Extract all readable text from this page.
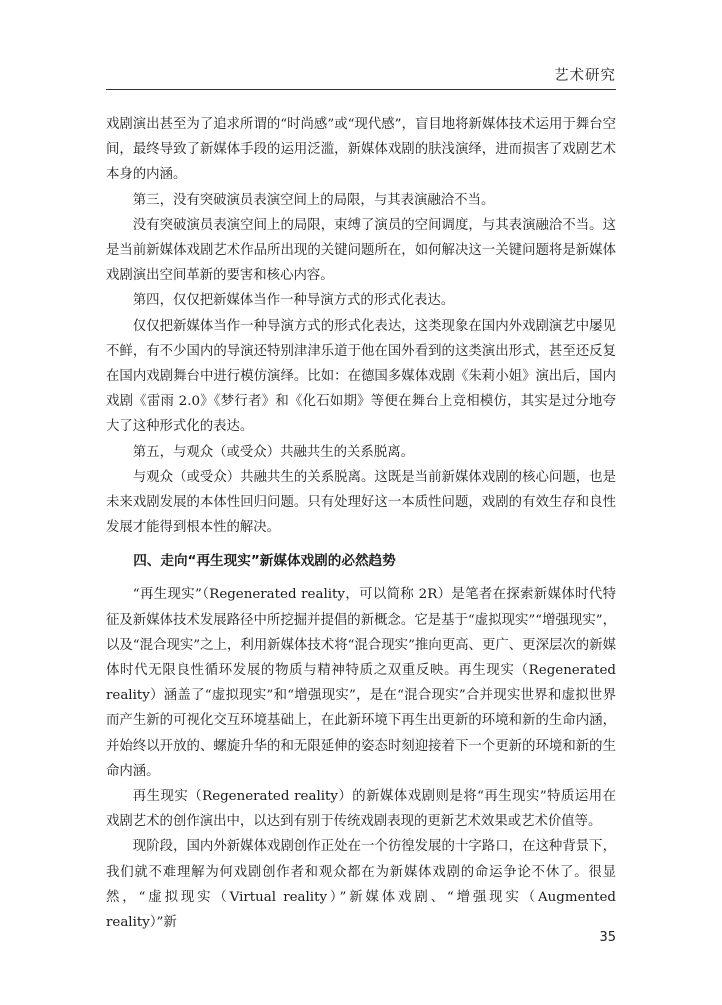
艺术研究

戏剧演出甚至为了追求所谓的“时尚感”或“现代感”，盲目地将新媒体技术运用于舞台空间，最终导致了新媒体手段的运用泛滥，新媒体戏剧的肤浅演绎，进而损害了戏剧艺术本身的内涵。

第三，没有突破演员表演空间上的局限，与其表演融洽不当。

没有突破演员表演空间上的局限，束缚了演员的空间调度，与其表演融洽不当。这是当前新媒体戏剧艺术作品所出现的关键问题所在，如何解决这一关键问题将是新媒体戏剧演出空间革新的要害和核心内容。

第四，仅仅把新媒体当作一种导演方式的形式化表达。

仅仅把新媒体当作一种导演方式的形式化表达，这类现象在国内外戏剧演艺中屡见不鲜，有不少国内的导演还特别津津乐道于他在国外看到的这类演出形式，甚至还反复在国内戏剧舞台中进行模仿演绎。比如：在德国多媒体戏剧《朱莉小姐》演出后，国内戏剧《雷雨 2.0》《梦行者》和《化石如期》等便在舞台上竞相模仿，其实是过分地夸大了这种形式化的表达。

第五，与观众（或受众）共融共生的关系脱离。

与观众（或受众）共融共生的关系脱离。这既是当前新媒体戏剧的核心问题，也是未来戏剧发展的本体性回归问题。只有处理好这一本质性问题，戏剧的有效生存和良性发展才能得到根本性的解决。

四、走向“再生现实”新媒体戏剧的必然趋势

“再生现实”（Regenerated reality，可以简称 2R）是笔者在探索新媒体时代特征及新媒体技术发展路径中所挖掘并提倡的新概念。它是基于“虚拟现实”“增强现实”，以及“混合现实”之上，利用新媒体技术将“混合现实”推向更高、更广、更深层次的新媒体时代无限良性循环发展的物质与精神特质之双重反映。再生现实（Regenerated reality）涵盖了“虚拟现实”和“增强现实”，是在“混合现实”合并现实世界和虚拟世界而产生新的可视化交互环境基础上，在此新环境下再生出更新的环境和新的生命内涵，并始终以开放的、螺旋升华的和无限延伸的姿态时刻迎接着下一个更新的环境和新的生命内涵。

再生现实（Regenerated reality）的新媒体戏剧则是将“再生现实”特质运用在戏剧艺术的创作演出中，以达到有别于传统戏剧表现的更新艺术效果或艺术价值等。

现阶段，国内外新媒体戏剧创作正处在一个彷徨发展的十字路口，在这种背景下，我们就不难理解为何戏剧创作者和观众都在为新媒体戏剧的命运争论不休了。很显然，“虚拟现实（Virtual reality）”新媒体戏剧、“增强现实（Augmented reality）”新

35
